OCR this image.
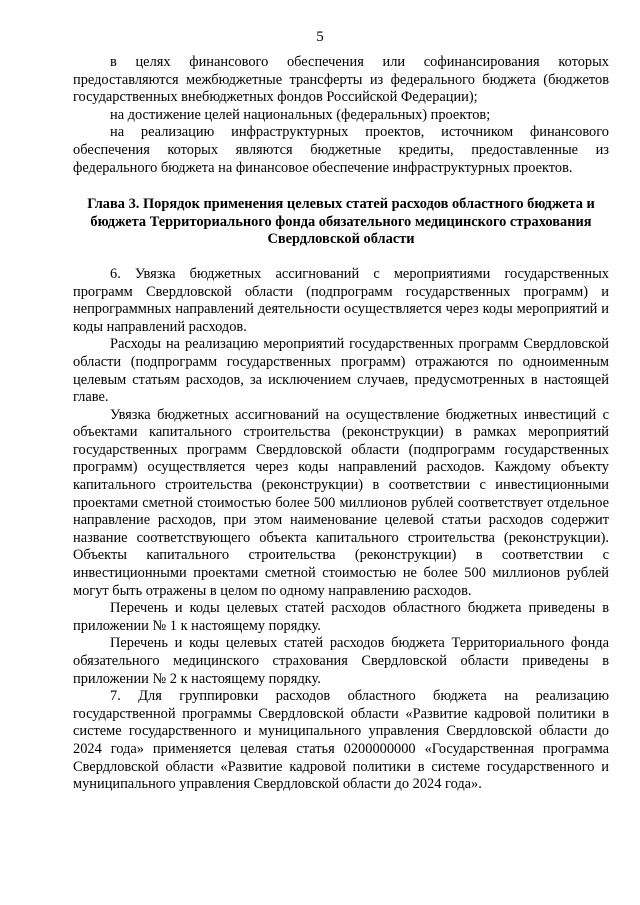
5

в целях финансового обеспечения или софинансирования которых предоставляются межбюджетные трансферты из федерального бюджета (бюджетов государственных внебюджетных фондов Российской Федерации);

на достижение целей национальных (федеральных) проектов;

на реализацию инфраструктурных проектов, источником финансового обеспечения которых являются бюджетные кредиты, предоставленные из федерального бюджета на финансовое обеспечение инфраструктурных проектов.

Глава 3. Порядок применения целевых статей расходов областного бюджета и бюджета Территориального фонда обязательного медицинского страхования Свердловской области

6. Увязка бюджетных ассигнований с мероприятиями государственных программ Свердловской области (подпрограмм государственных программ) и непрограммных направлений деятельности осуществляется через коды мероприятий и коды направлений расходов.

Расходы на реализацию мероприятий государственных программ Свердловской области (подпрограмм государственных программ) отражаются по одноименным целевым статьям расходов, за исключением случаев, предусмотренных в настоящей главе.

Увязка бюджетных ассигнований на осуществление бюджетных инвестиций с объектами капитального строительства (реконструкции) в рамках мероприятий государственных программ Свердловской области (подпрограмм государственных программ) осуществляется через коды направлений расходов. Каждому объекту капитального строительства (реконструкции) в соответствии с инвестиционными проектами сметной стоимостью более 500 миллионов рублей соответствует отдельное направление расходов, при этом наименование целевой статьи расходов содержит название соответствующего объекта капитального строительства (реконструкции). Объекты капитального строительства (реконструкции) в соответствии с инвестиционными проектами сметной стоимостью не более 500 миллионов рублей могут быть отражены в целом по одному направлению расходов.

Перечень и коды целевых статей расходов областного бюджета приведены в приложении № 1 к настоящему порядку.

Перечень и коды целевых статей расходов бюджета Территориального фонда обязательного медицинского страхования Свердловской области приведены в приложении № 2 к настоящему порядку.

7. Для группировки расходов областного бюджета на реализацию государственной программы Свердловской области «Развитие кадровой политики в системе государственного и муниципального управления Свердловской области до 2024 года» применяется целевая статья 0200000000 «Государственная программа Свердловской области «Развитие кадровой политики в системе государственного и муниципального управления Свердловской области до 2024 года».
